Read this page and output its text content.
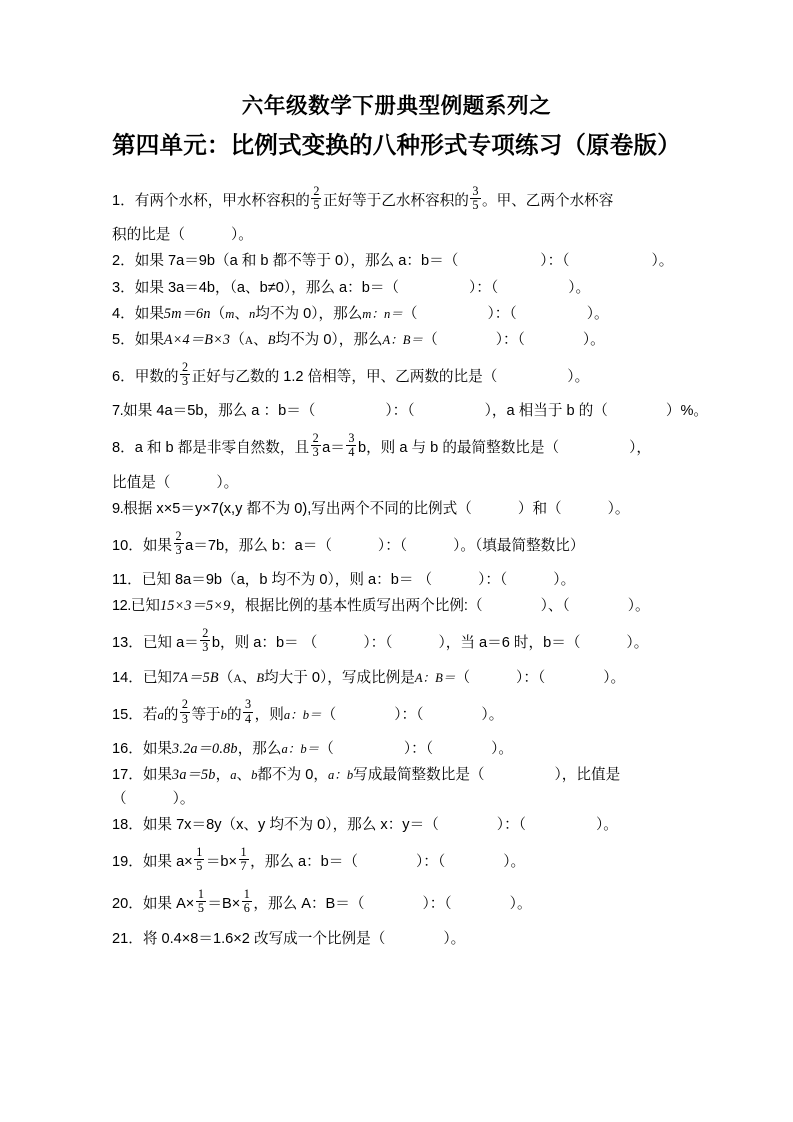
六年级数学下册典型例题系列之
第四单元：比例式变换的八种形式专项练习（原卷版）
1．有两个水杯，甲水杯容积的 $\frac{2}{5}$ 正好等于乙水杯容积的 $\frac{3}{5}$ 。甲、乙两个水杯容
积的比是（	）。
2．如果 7a＝9b（a 和 b 都不等于 0），那么 a：b＝（	）：（	）。
3．如果 3a＝4b，（a、b≠0），那么 a：b＝（	）：（	）。
4．如果5m＝6n（m、n均不为 0），那么m：n＝（	）：（	）。
5．如果A×4＝B×3（A、B均不为 0），那么A：B＝（	）：（	）。
6．甲数的 $\frac{2}{3}$ 正好与乙数的 1.2 倍相等，甲、乙两数的比是（	）。
7.如果 4a＝5b，那么 a ：b＝（	）：（	），a 相当于 b 的（	）%。
8．a 和 b 都是非零自然数，且 $\frac{2}{3} a= \frac{3}{4}$ b，则 a 与 b 的最简整数比是（	），
比值是（	）。
9.根据 x×5＝y×7(x,y 都不为 0),写出两个不同的比例式（	）和（	）。
10．如果 $\frac{2}{3} a=7b$，那么 b：a＝（	）：（	）。（填最简整数比）
11．已知 8a＝9b（a，b 均不为 0），则 a：b＝ （	）：（	）。
12.已知15×3＝5×9，根据比例的基本性质写出两个比例:（	）、（	）。
13．已知 $a= \frac{2}{3}$ b，则 a：b＝ （	）：（	），当 a＝6 时，b＝（	）。
14．已知7A＝5B（A、B均大于 0），写成比例是A：B＝（	）：（	）。
15．若a的 $\frac{2}{3}$ 等于b的 $\frac{3}{4}$ ，则a：b＝（	）：（	）。
16．如果3.2a＝0.8b，那么a：b＝（	）：（	）。
17．如果3a＝5b，a、b都不为 0，a：b写成最简整数比是（	），比值是
（	）。
18．如果 7x＝8y（x、y 均不为 0），那么 x：y＝（	）：（	）。
19．如果 $a\times \frac{1}{5} =b\times \frac{1}{7}$ ，那么 a：b＝（	）：（	）。
20．如果 $A\times \frac{1}{5} =B\times \frac{1}{6}$ ，那么 A：B＝（	）：（	）。
21．将 0.4×8＝1.6×2 改写成一个比例是（	）。
